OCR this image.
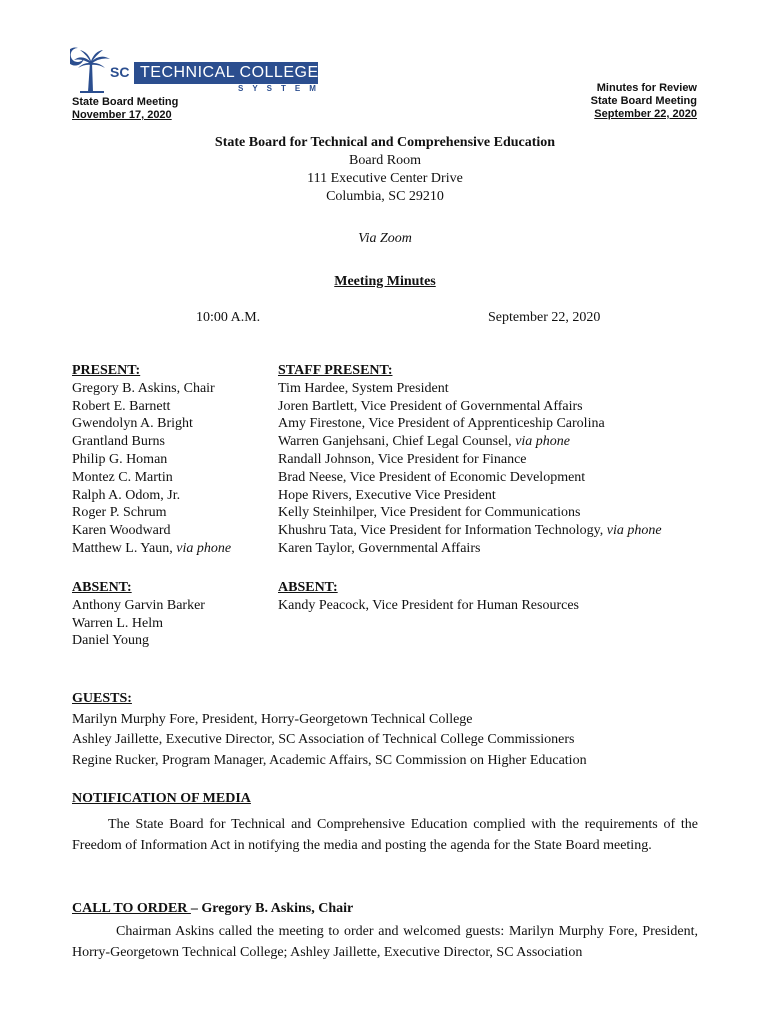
SC TECHNICAL COLLEGE
SYSTEM
State Board Meeting
November 17, 2020
Minutes for Review
State Board Meeting
September 22, 2020
State Board for Technical and Comprehensive Education
Board Room
111 Executive Center Drive
Columbia, SC 29210
Via Zoom
Meeting Minutes
10:00 A.M.	September 22, 2020
PRESENT:
Gregory B. Askins, Chair
Robert E. Barnett
Gwendolyn A. Bright
Grantland Burns
Philip G. Homan
Montez C. Martin
Ralph A. Odom, Jr.
Roger P. Schrum
Karen Woodward
Matthew L. Yaun, via phone
STAFF PRESENT:
Tim Hardee, System President
Joren Bartlett, Vice President of Governmental Affairs
Amy Firestone, Vice President of Apprenticeship Carolina
Warren Ganjehsani, Chief Legal Counsel, via phone
Randall Johnson, Vice President for Finance
Brad Neese, Vice President of Economic Development
Hope Rivers, Executive Vice President
Kelly Steinhilper, Vice President for Communications
Khushru Tata, Vice President for Information Technology, via phone
Karen Taylor, Governmental Affairs
ABSENT:
Anthony Garvin Barker
Warren L. Helm
Daniel Young
ABSENT:
Kandy Peacock, Vice President for Human Resources
GUESTS:
Marilyn Murphy Fore, President, Horry-Georgetown Technical College
Ashley Jaillette, Executive Director, SC Association of Technical College Commissioners
Regine Rucker, Program Manager, Academic Affairs, SC Commission on Higher Education
NOTIFICATION OF MEDIA
The State Board for Technical and Comprehensive Education complied with the requirements of the Freedom of Information Act in notifying the media and posting the agenda for the State Board meeting.
CALL TO ORDER – Gregory B. Askins, Chair
Chairman Askins called the meeting to order and welcomed guests: Marilyn Murphy Fore, President, Horry-Georgetown Technical College; Ashley Jaillette, Executive Director, SC Association
